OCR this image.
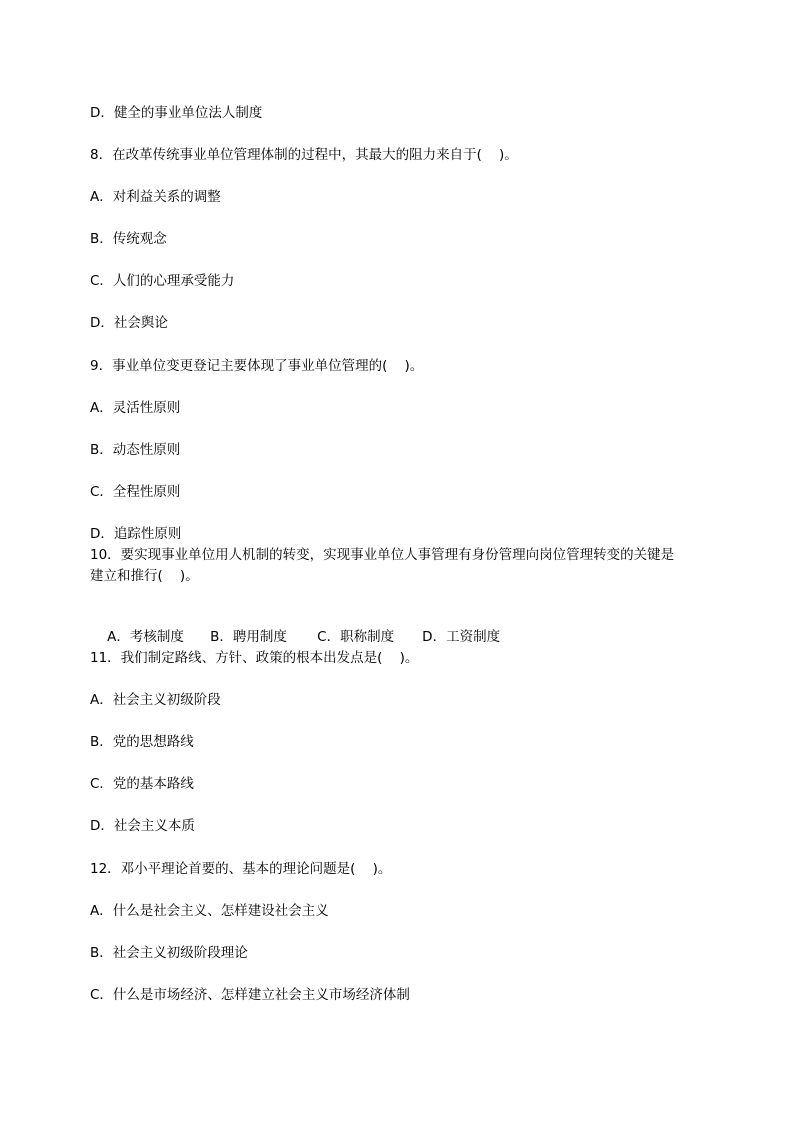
D．健全的事业单位法人制度
8．在改革传统事业单位管理体制的过程中，其最大的阻力来自于(    )。
A．对利益关系的调整
B．传统观念
C．人们的心理承受能力
D．社会舆论
9．事业单位变更登记主要体现了事业单位管理的(    )。
A．灵活性原则
B．动态性原则
C．全程性原则
D．追踪性原则
10．要实现事业单位用人机制的转变，实现事业单位人事管理有身份管理向岗位管理转变的关键是
建立和推行(    )。

A．考核制度 B．聘用制度 C．职称制度 D．工资制度

11．我们制定路线、方针、政策的根本出发点是(    )。
A．社会主义初级阶段
B．党的思想路线
C．党的基本路线
D．社会主义本质
12．邓小平理论首要的、基本的理论问题是(    )。
A．什么是社会主义、怎样建设社会主义
B．社会主义初级阶段理论
C．什么是市场经济、怎样建立社会主义市场经济体制
